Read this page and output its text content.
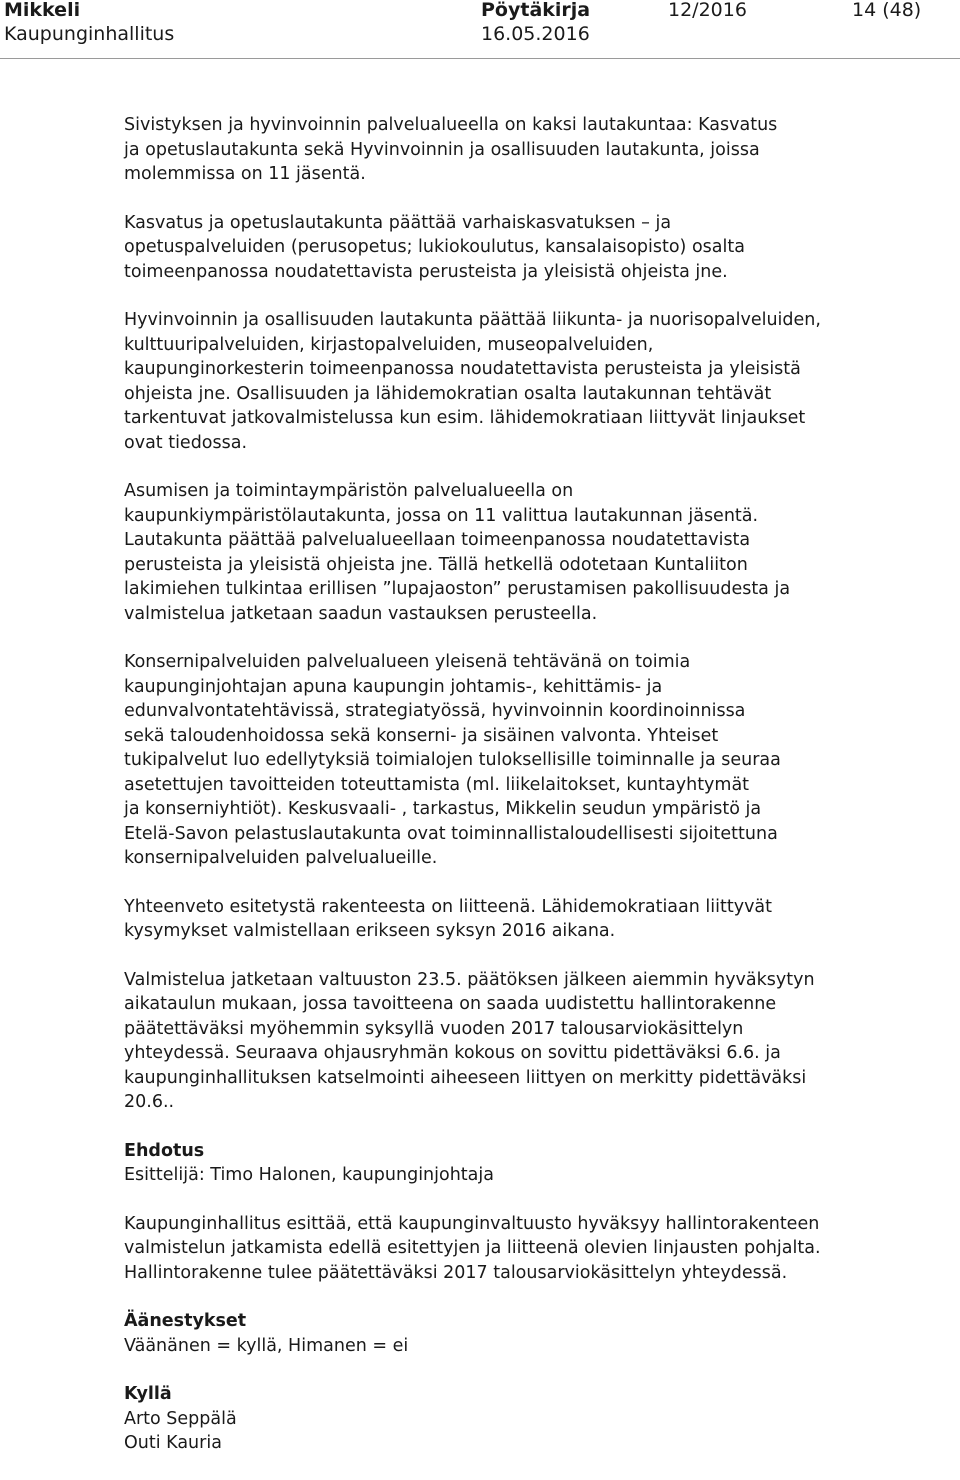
Mikkeli
Kaupunginhallitus
Pöytäkirja
16.05.2016
12/2016	14 (48)

Sivistyksen ja hyvinvoinnin palvelualueella on kaksi lautakuntaa: Kasvatus
ja opetuslautakunta sekä Hyvinvoinnin ja osallisuuden lautakunta, joissa
molemmissa on 11 jäsentä.

Kasvatus ja opetuslautakunta päättää varhaiskasvatuksen – ja
opetuspalveluiden (perusopetus; lukiokoulutus, kansalaisopisto) osalta
toimeenpanossa noudatettavista perusteista ja yleisistä ohjeista jne.

Hyvinvoinnin ja osallisuuden lautakunta päättää liikunta- ja nuorisopalveluiden,
kulttuuripalveluiden, kirjastopalveluiden, museopalveluiden,
kaupunginorkesterin toimeenpanossa noudatettavista perusteista ja yleisistä
ohjeista jne. Osallisuuden ja lähidemokratian osalta lautakunnan tehtävät
tarkentuvat jatkovalmistelussa kun esim. lähidemokratiaan liittyvät linjaukset
ovat tiedossa.

Asumisen ja toimintaympäristön palvelualueella on
kaupunkiympäristölautakunta, jossa on 11 valittua lautakunnan jäsentä.
Lautakunta päättää palvelualueellaan toimeenpanossa noudatettavista
perusteista ja yleisistä ohjeista jne. Tällä hetkellä odotetaan Kuntaliiton
lakimiehen tulkintaa erillisen ”lupajaoston” perustamisen pakollisuudesta ja
valmistelua jatketaan saadun vastauksen perusteella.

Konsernipalveluiden palvelualueen yleisenä tehtävänä on toimia
kaupunginjohtajan apuna kaupungin johtamis-, kehittämis- ja
edunvalvontatehtävissä, strategiatyössä, hyvinvoinnin koordinoinnissa
sekä taloudenhoidossa sekä konserni- ja sisäinen valvonta. Yhteiset
tukipalvelut luo edellytyksiä toimialojen tuloksellisille toiminnalle ja seuraa
asetettujen tavoitteiden toteuttamista (ml. liikelaitokset, kuntayhtymät
ja konserniyhtiöt). Keskusvaali- , tarkastus, Mikkelin seudun ympäristö ja
Etelä-Savon pelastuslautakunta ovat toiminnallistaloudellisesti sijoitettuna
konsernipalveluiden palvelualueille.

Yhteenveto esitetystä rakenteesta on liitteenä. Lähidemokratiaan liittyvät
kysymykset valmistellaan erikseen syksyn 2016 aikana.

Valmistelua jatketaan valtuuston 23.5. päätöksen jälkeen aiemmin hyväksytyn
aikataulun mukaan, jossa tavoitteena on saada uudistettu hallintorakenne
päätettäväksi myöhemmin syksyllä vuoden 2017 talousarviokäsittelyn
yhteydessä. Seuraava ohjausryhmän kokous on sovittu pidettäväksi 6.6. ja
kaupunginhallituksen katselmointi aiheeseen liittyen on merkitty pidettäväksi
20.6..

Ehdotus
Esittelijä: Timo Halonen, kaupunginjohtaja

Kaupunginhallitus esittää, että kaupunginvaltuusto hyväksyy hallintorakenteen
valmistelun jatkamista edellä esitettyjen ja liitteenä olevien linjausten pohjalta.
Hallintorakenne tulee päätettäväksi 2017 talousarviokäsittelyn yhteydessä.

Äänestykset
Väänänen = kyllä, Himanen = ei

Kyllä
Arto Seppälä
Outi Kauria
